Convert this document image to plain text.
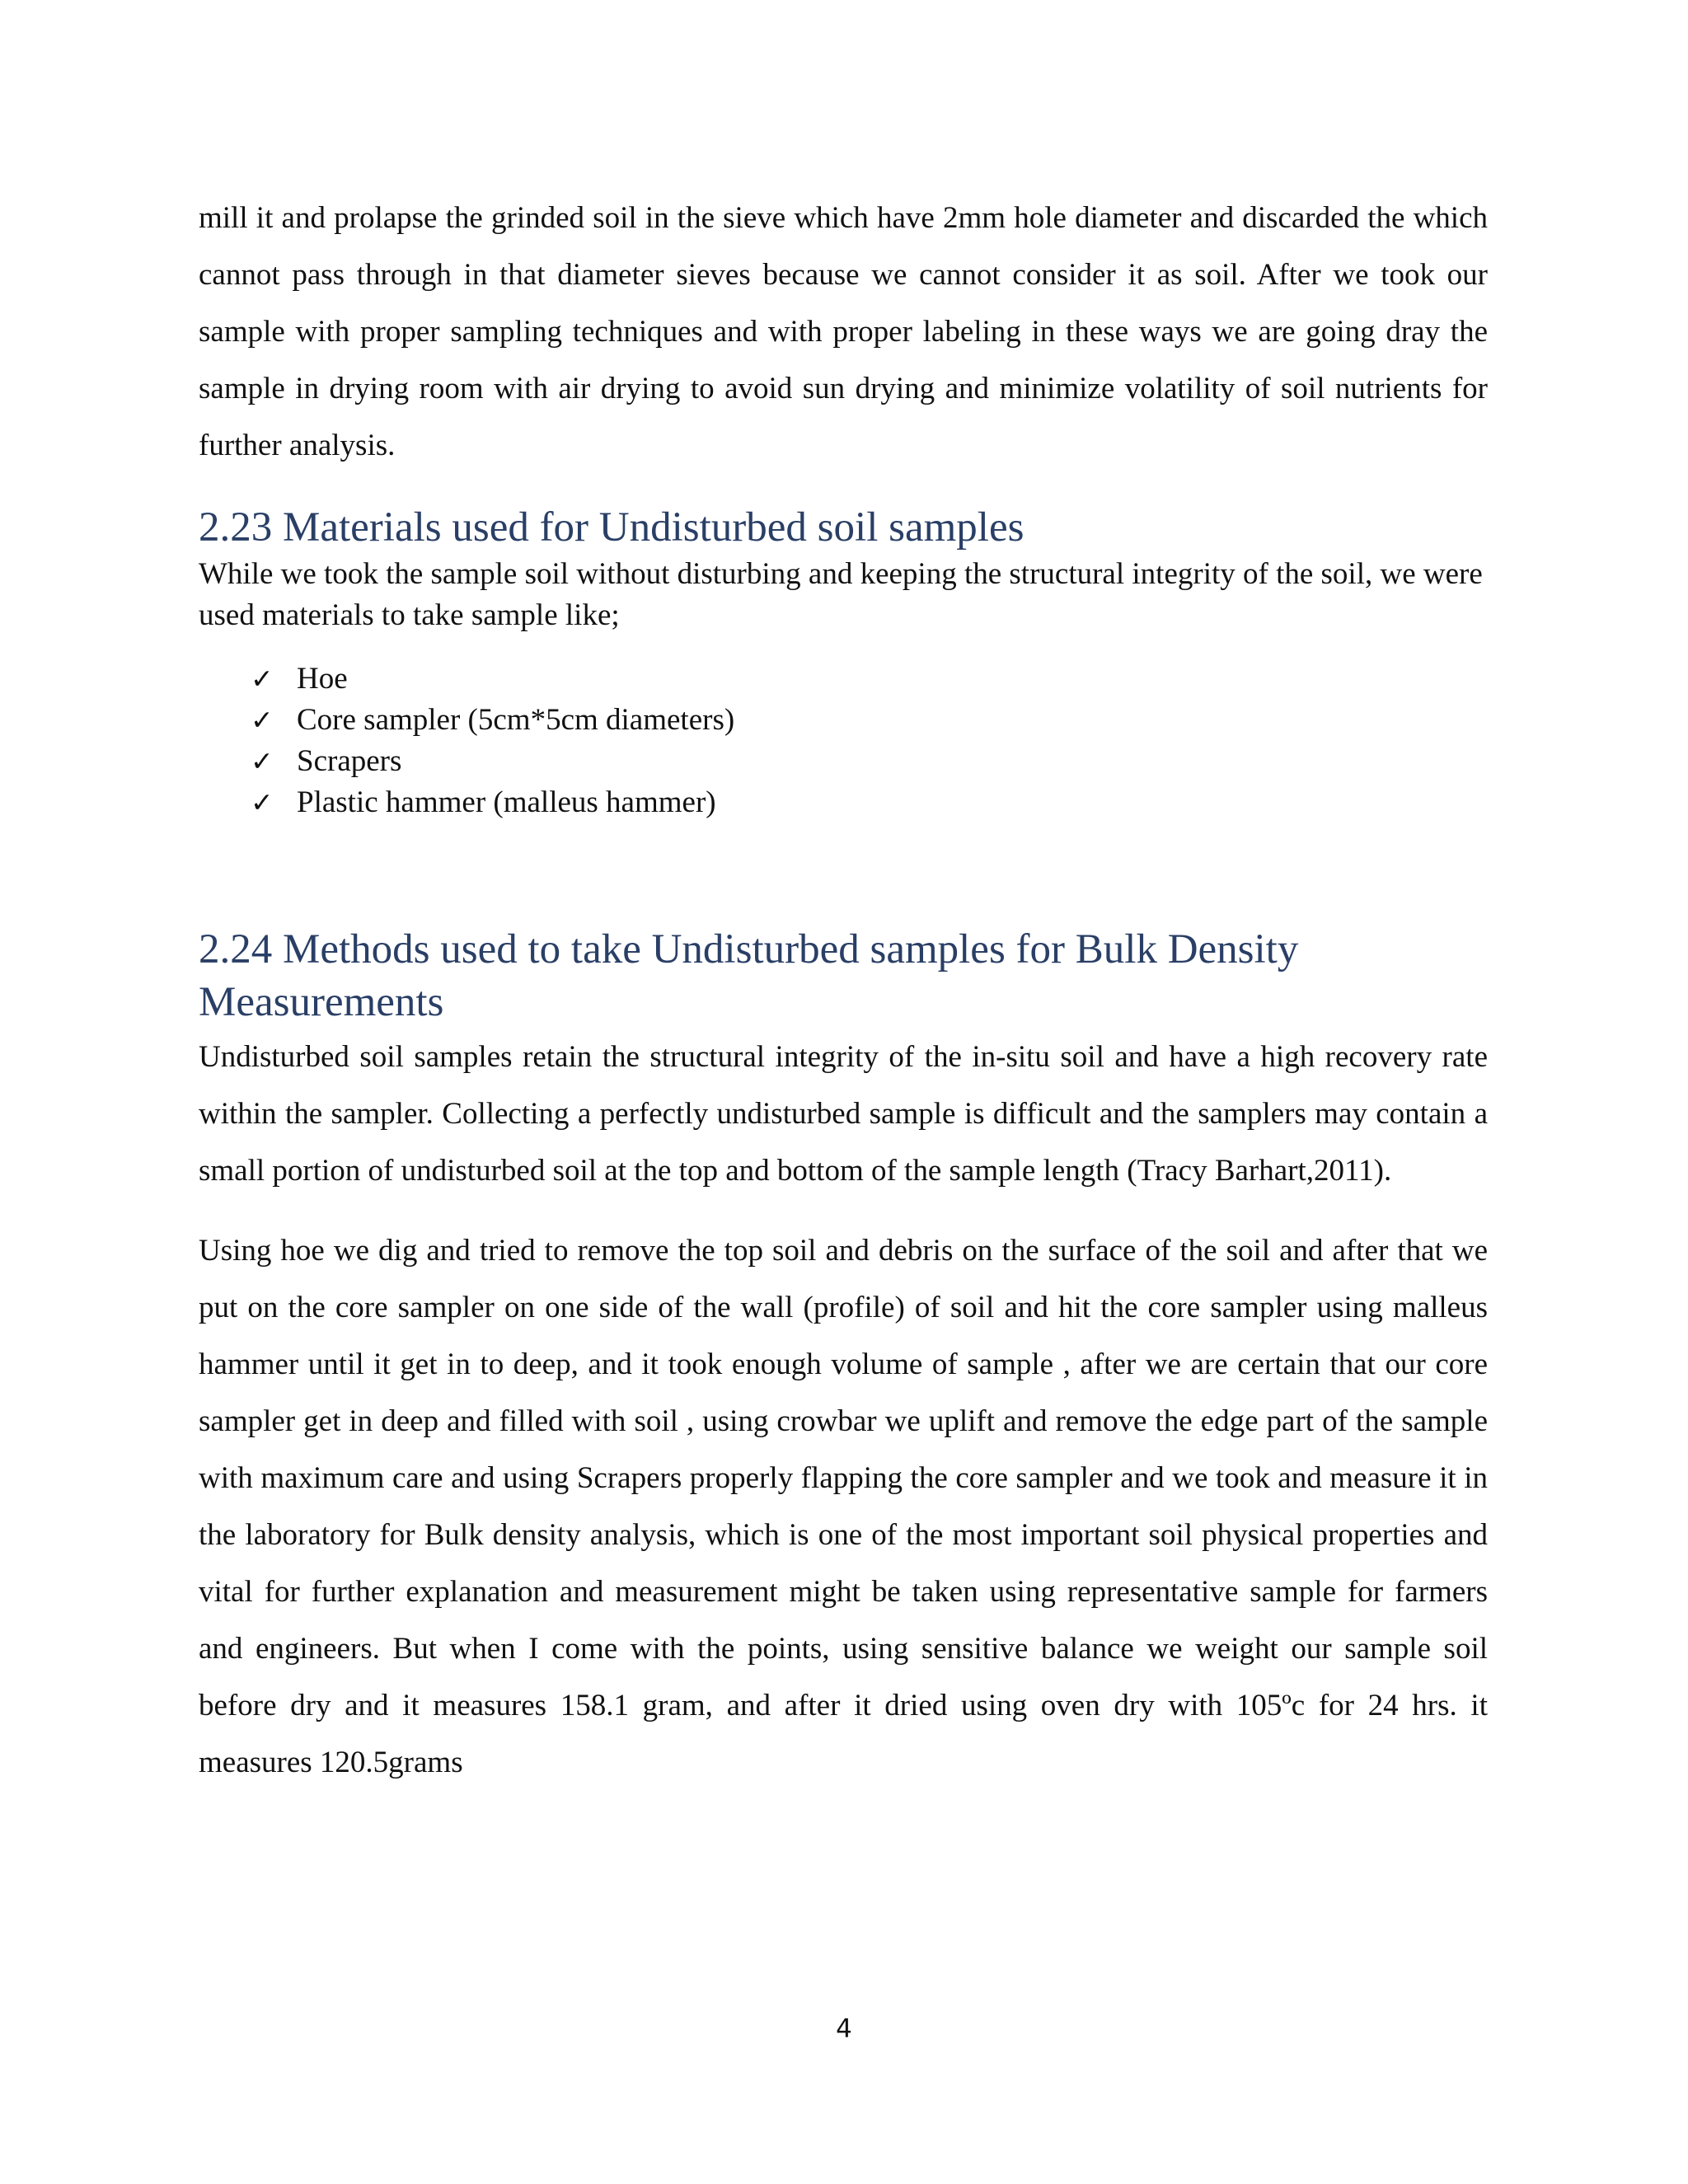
mill it and prolapse the grinded soil in the sieve which have 2mm hole diameter and discarded the which cannot pass through in that diameter sieves because we cannot consider it as soil. After we took our sample with proper sampling techniques and with proper labeling in these ways we are going dray the sample in drying room with air drying to avoid sun drying and minimize volatility of soil nutrients for further analysis.

2.23 Materials used for Undisturbed soil samples

While we took the sample soil without disturbing and keeping the structural integrity of the soil, we were used materials to take sample like;

✓ Hoe
✓ Core sampler (5cm*5cm diameters)
✓ Scrapers
✓ Plastic hammer (malleus hammer)
2.24 Methods used to take Undisturbed samples for Bulk Density Measurements

Undisturbed soil samples retain the structural integrity of the in-situ soil and have a high recovery rate within the sampler. Collecting a perfectly undisturbed sample is difficult and the samplers may contain a small portion of undisturbed soil at the top and bottom of the sample length (Tracy Barhart,2011).

Using hoe we dig and tried to remove the top soil and debris on the surface of the soil and after that we put on the core sampler on one side of the wall (profile) of soil and hit the core sampler using malleus hammer until it get in to deep, and it took enough volume of sample , after we are certain that our core sampler get in deep and filled with soil , using crowbar we uplift and remove the edge part of the sample with maximum care and using Scrapers properly flapping the core sampler and we took and measure it in the laboratory for Bulk density analysis, which is one of the most important soil physical properties and vital for further explanation and measurement might be taken using representative sample for farmers and engineers. But when I come with the points, using sensitive balance we weight our sample soil before dry and it measures 158.1 gram, and after it dried using oven dry with 105ºc for 24 hrs. it measures 120.5grams

4
